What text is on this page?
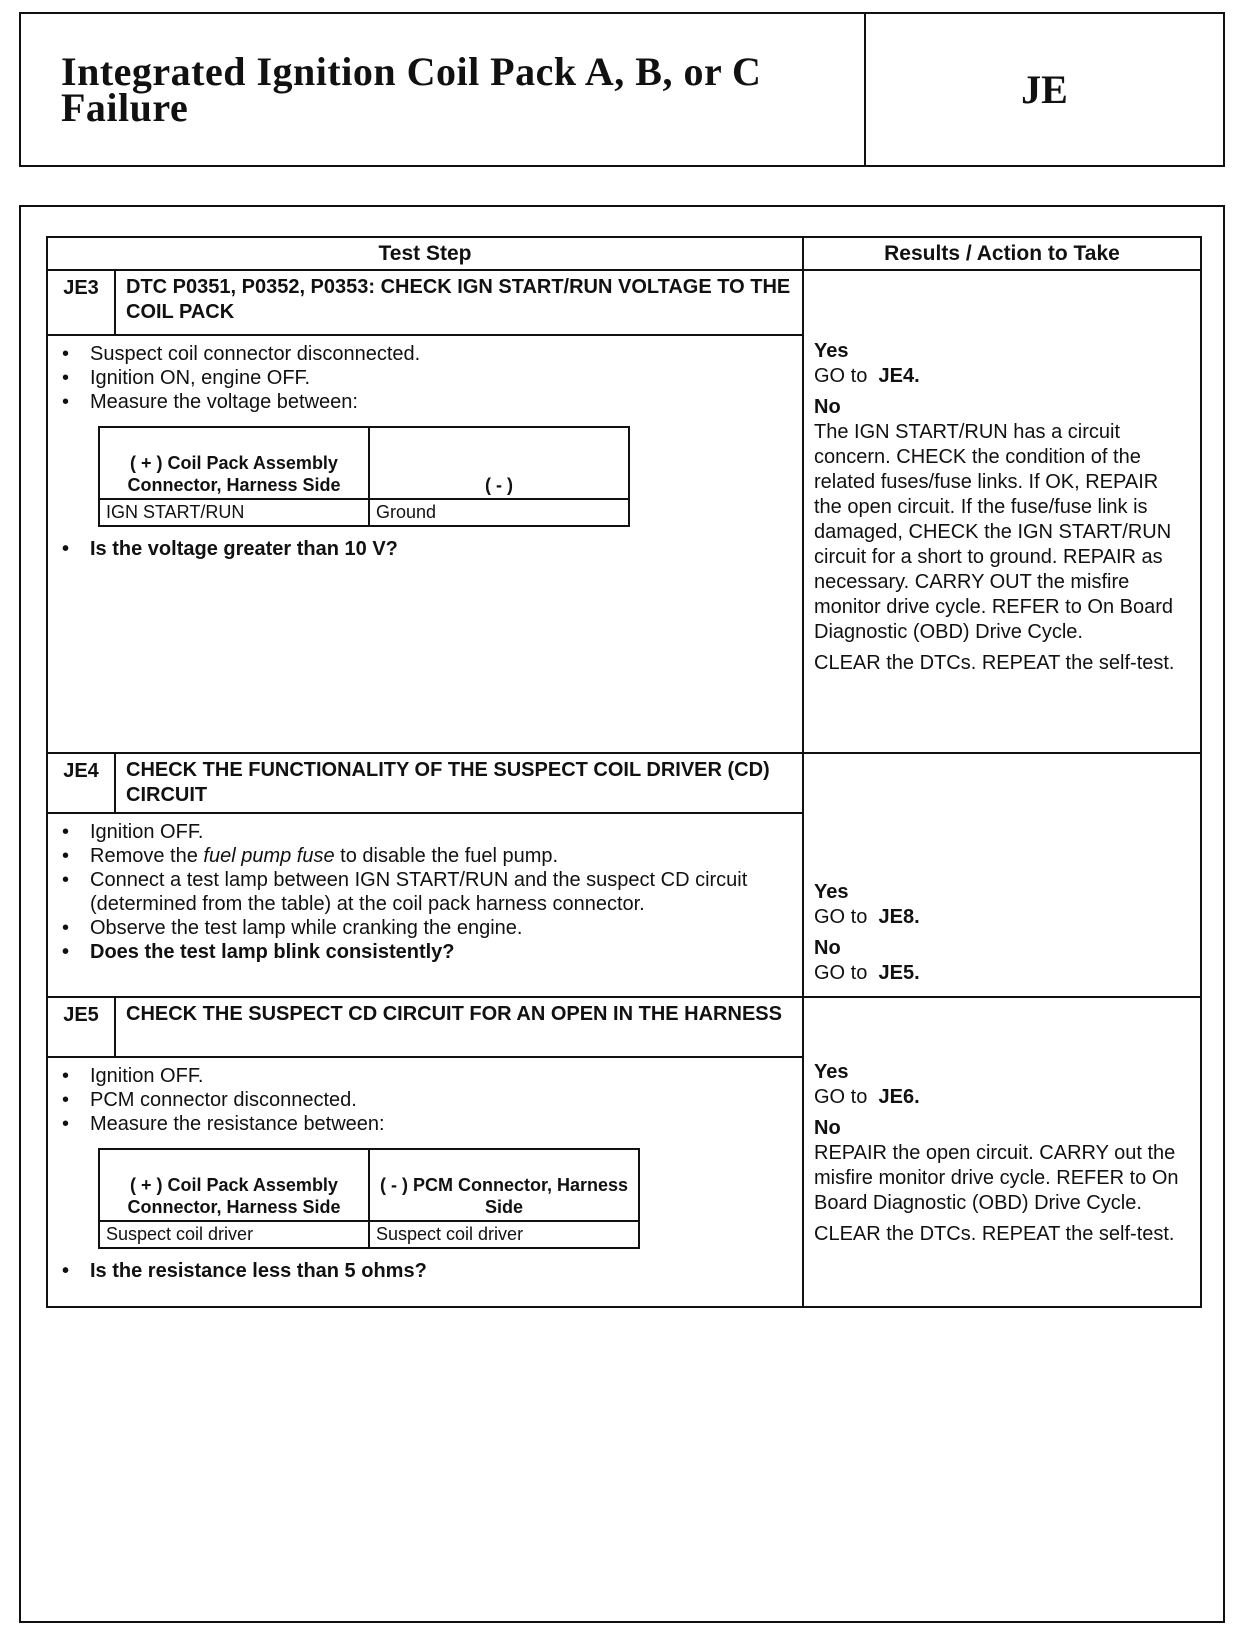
Integrated Ignition Coil Pack A, B, or C
Failure	JE
Test Step	Results / Action to Take
JE3	DTC P0351, P0352, P0353: CHECK IGN START/RUN VOLTAGE TO THE COIL PACK	
Yes

GO to JE4.

No

The IGN START/RUN has a circuit concern. CHECK the condition of the related fuses/fuse links. If OK, REPAIR the open circuit. If the fuse/fuse link is damaged, CHECK the IGN START/RUN circuit for a short to ground. REPAIR as necessary. CARRY OUT the misfire monitor drive cycle. REFER to On Board Diagnostic (OBD) Drive Cycle.

CLEAR the DTCs. REPEAT the self-test.

• Suspect coil connector disconnected.
• Ignition ON, engine OFF.
• Measure the voltage between:
( + ) Coil Pack Assembly Connector, Harness Side	( - )
IGN START/RUN	Ground
• Is the voltage greater than 10 V?

JE4	CHECK THE FUNCTIONALITY OF THE SUSPECT COIL DRIVER (CD) CIRCUIT	
Yes

GO to JE8.

No

GO to JE5.

• Ignition OFF.
• Remove the fuel pump fuse to disable the fuel pump.
• Connect a test lamp between IGN START/RUN and the suspect CD circuit (determined from the table) at the coil pack harness connector.
• Observe the test lamp while cranking the engine.
• Does the test lamp blink consistently?

JE5	CHECK THE SUSPECT CD CIRCUIT FOR AN OPEN IN THE HARNESS	
Yes

GO to JE6.

No

REPAIR the open circuit. CARRY out the misfire monitor drive cycle. REFER to On Board Diagnostic (OBD) Drive Cycle.

CLEAR the DTCs. REPEAT the self-test.

• Ignition OFF.
• PCM connector disconnected.
• Measure the resistance between:
( + ) Coil Pack Assembly Connector, Harness Side	( - ) PCM Connector, Harness Side
Suspect coil driver	Suspect coil driver
• Is the resistance less than 5 ohms?
